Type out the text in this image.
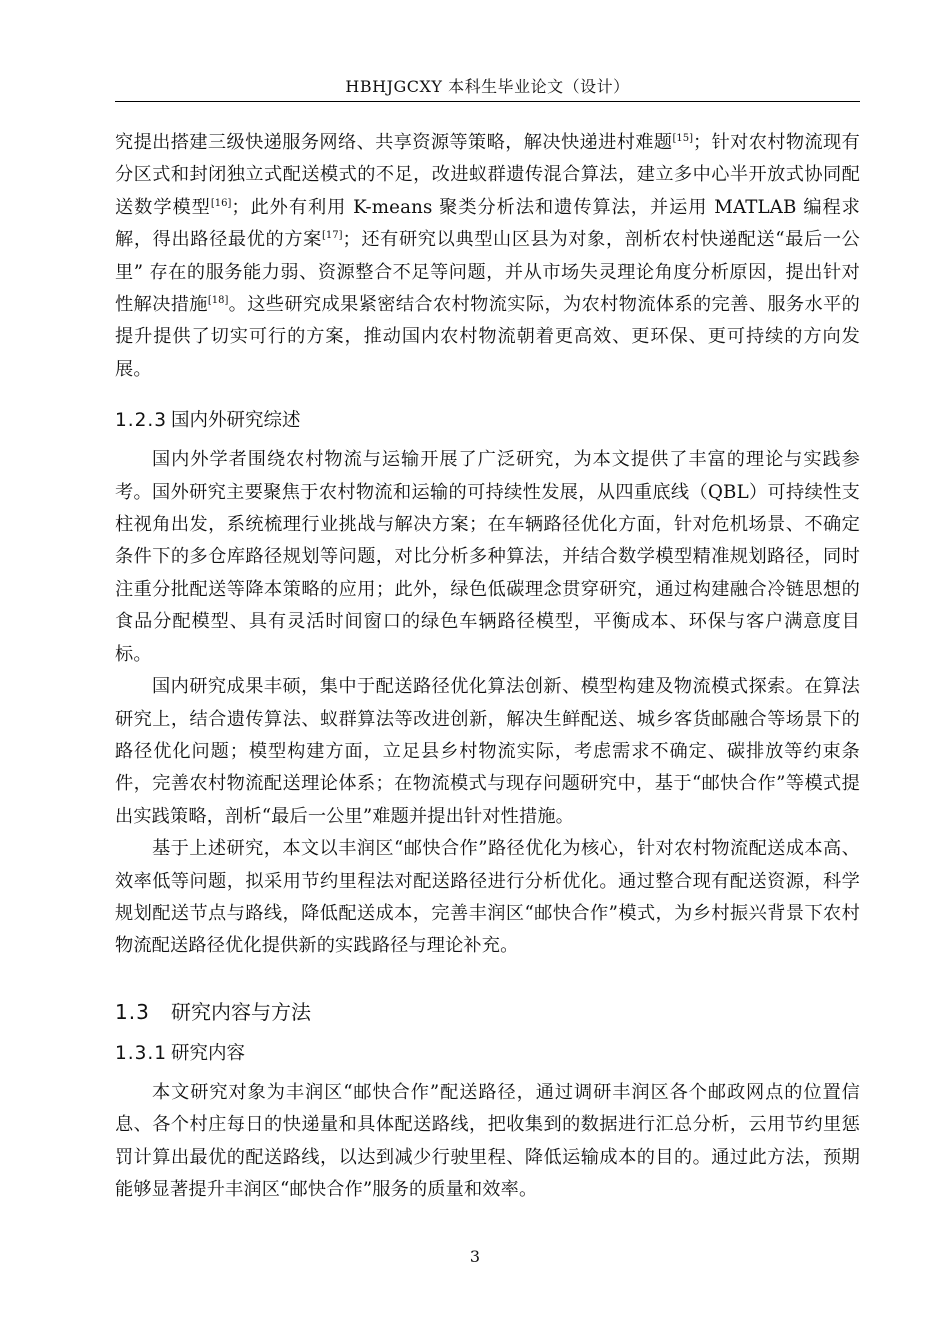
HBHJGCXY 本科生毕业论文（设计）

究提出搭建三级快递服务网络、共享资源等策略，解决快递进村难题[15]；针对农村物流现有分区式和封闭独立式配送模式的不足，改进蚁群遗传混合算法，建立多中心半开放式协同配送数学模型[16]；此外有利用 K-means 聚类分析法和遗传算法，并运用 MATLAB 编程求解，得出路径最优的方案[17]；还有研究以典型山区县为对象，剖析农村快递配送“最后一公里” 存在的服务能力弱、资源整合不足等问题，并从市场失灵理论角度分析原因，提出针对性解决措施[18]。这些研究成果紧密结合农村物流实际，为农村物流体系的完善、服务水平的提升提供了切实可行的方案，推动国内农村物流朝着更高效、更环保、更可持续的方向发展。

1.2.3 国内外研究综述

国内外学者围绕农村物流与运输开展了广泛研究，为本文提供了丰富的理论与实践参考。国外研究主要聚焦于农村物流和运输的可持续性发展，从四重底线（QBL）可持续性支柱视角出发，系统梳理行业挑战与解决方案；在车辆路径优化方面，针对危机场景、不确定条件下的多仓库路径规划等问题，对比分析多种算法，并结合数学模型精准规划路径，同时注重分批配送等降本策略的应用；此外，绿色低碳理念贯穿研究，通过构建融合冷链思想的食品分配模型、具有灵活时间窗口的绿色车辆路径模型，平衡成本、环保与客户满意度目标。

国内研究成果丰硕，集中于配送路径优化算法创新、模型构建及物流模式探索。在算法研究上，结合遗传算法、蚁群算法等改进创新，解决生鲜配送、城乡客货邮融合等场景下的路径优化问题；模型构建方面，立足县乡村物流实际，考虑需求不确定、碳排放等约束条件，完善农村物流配送理论体系；在物流模式与现存问题研究中，基于“邮快合作”等模式提出实践策略，剖析“最后一公里”难题并提出针对性措施。

基于上述研究，本文以丰润区“邮快合作”路径优化为核心，针对农村物流配送成本高、效率低等问题，拟采用节约里程法对配送路径进行分析优化。通过整合现有配送资源，科学规划配送节点与路线，降低配送成本，完善丰润区“邮快合作”模式，为乡村振兴背景下农村物流配送路径优化提供新的实践路径与理论补充。

1.3 研究内容与方法
1.3.1 研究内容

本文研究对象为丰润区“邮快合作”配送路径，通过调研丰润区各个邮政网点的位置信息、各个村庄每日的快递量和具体配送路线，把收集到的数据进行汇总分析，云用节约里惩罚计算出最优的配送路线，以达到减少行驶里程、降低运输成本的目的。通过此方法，预期能够显著提升丰润区“邮快合作”服务的质量和效率。

3
